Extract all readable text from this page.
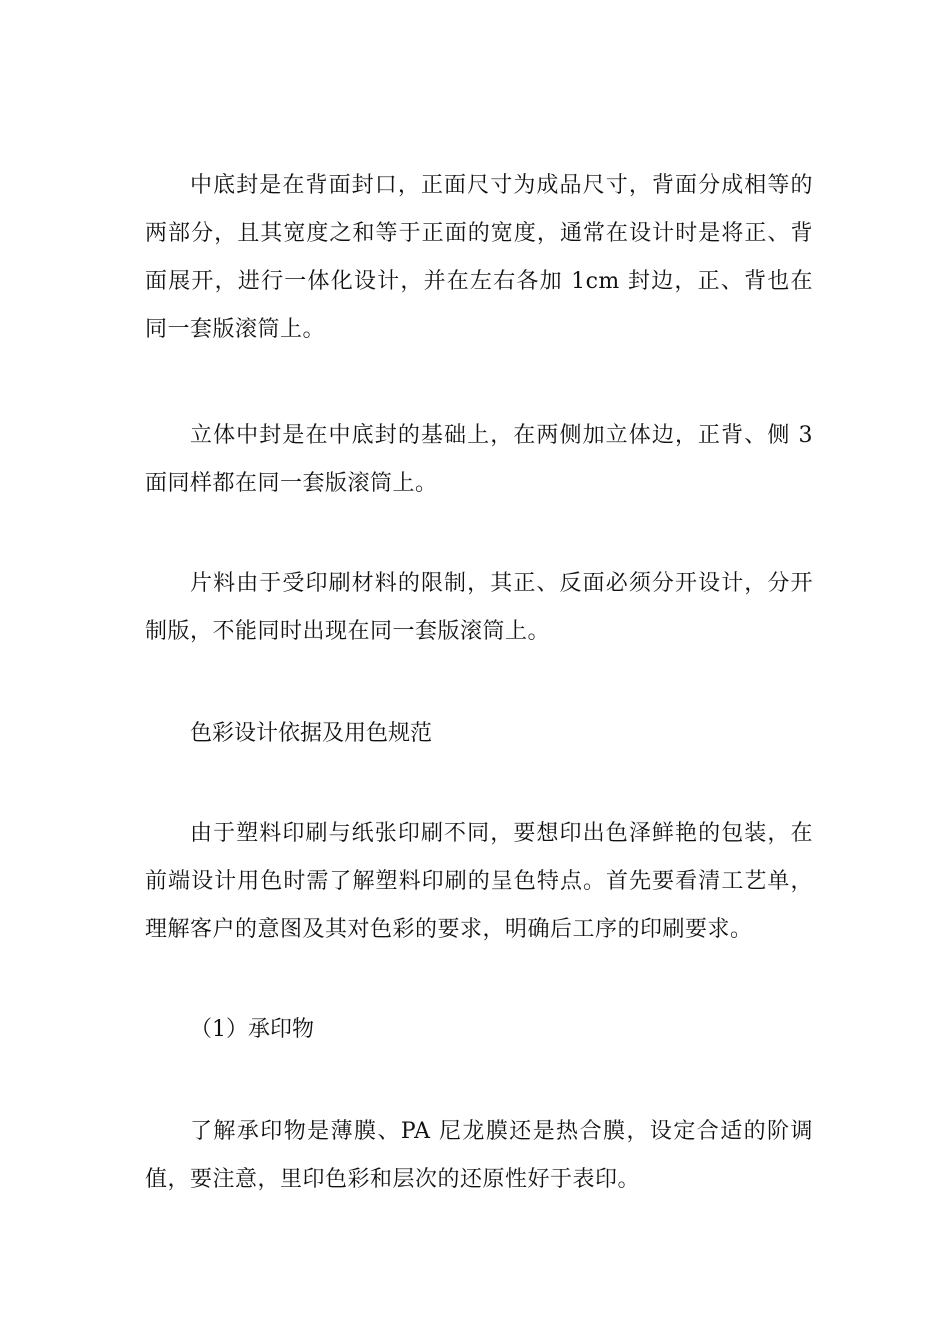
中底封是在背面封口，正面尺寸为成品尺寸，背面分成相等的两部分，且其宽度之和等于正面的宽度，通常在设计时是将正、背面展开，进行一体化设计，并在左右各加 1cm 封边，正、背也在同一套版滚筒上。

立体中封是在中底封的基础上，在两侧加立体边，正背、侧 3 面同样都在同一套版滚筒上。

片料由于受印刷材料的限制，其正、反面必须分开设计，分开制版，不能同时出现在同一套版滚筒上。

色彩设计依据及用色规范

由于塑料印刷与纸张印刷不同，要想印出色泽鲜艳的包装，在前端设计用色时需了解塑料印刷的呈色特点。首先要看清工艺单，理解客户的意图及其对色彩的要求，明确后工序的印刷要求。

（1）承印物

了解承印物是薄膜、PA 尼龙膜还是热合膜，设定合适的阶调值，要注意，里印色彩和层次的还原性好于表印。
